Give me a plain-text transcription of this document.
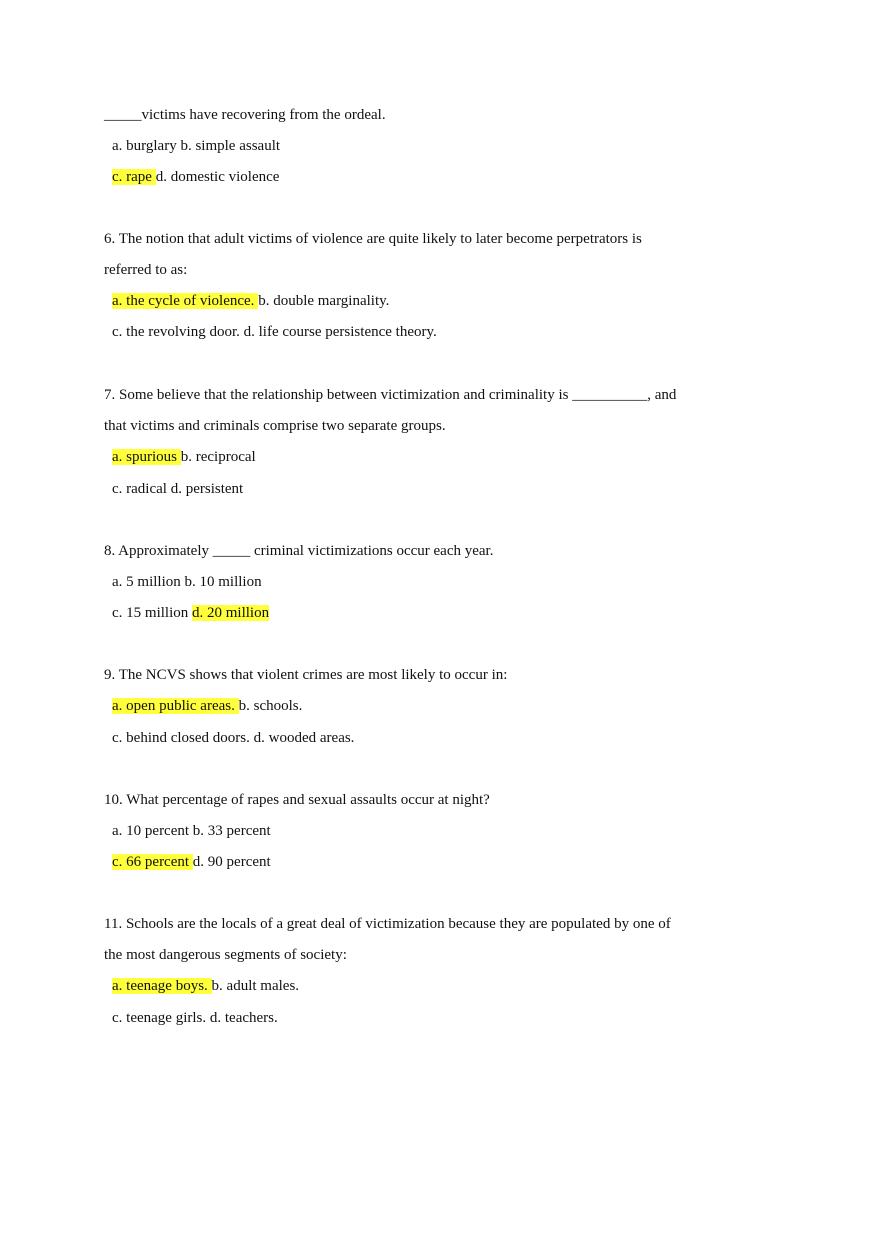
_____victims have recovering from the ordeal.
a. burglary b. simple assault
c. rape d. domestic violence
6. The notion that adult victims of violence are quite likely to later become perpetrators is
referred to as:
a. the cycle of violence. b. double marginality.
c. the revolving door. d. life course persistence theory.
7. Some believe that the relationship between victimization and criminality is __________, and
that victims and criminals comprise two separate groups.
a. spurious b. reciprocal
c. radical d. persistent
8. Approximately _____ criminal victimizations occur each year.
a. 5 million b. 10 million
c. 15 million d. 20 million
9. The NCVS shows that violent crimes are most likely to occur in:
a. open public areas. b. schools.
c. behind closed doors. d. wooded areas.
10. What percentage of rapes and sexual assaults occur at night?
a. 10 percent b. 33 percent
c. 66 percent d. 90 percent
11. Schools are the locals of a great deal of victimization because they are populated by one of
the most dangerous segments of society:
a. teenage boys. b. adult males.
c. teenage girls. d. teachers.
